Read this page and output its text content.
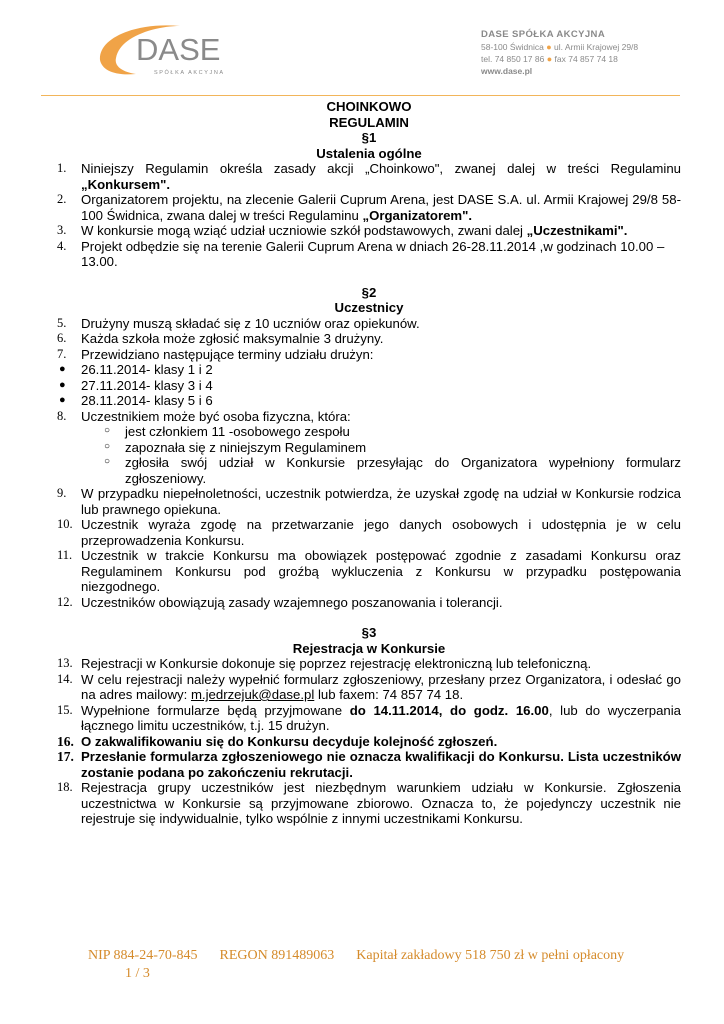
DASE
SPÓŁKA AKCYJNA
DASE SPÓŁKA AKCYJNA
58-100 Świdnica ● ul. Armii Krajowej 29/8
tel. 74 850 17 86 ● fax 74 857 74 18
www.dase.pl
CHOINKOWO
REGULAMIN
§1
Ustalenia ogólne
1.	Niniejszy Regulamin określa zasady akcji „Choinkowo", zwanej dalej w treści Regulaminu „Konkursem".
2.	Organizatorem projektu, na zlecenie Galerii Cuprum Arena, jest DASE S.A. ul. Armii Krajowej 29/8 58-100 Świdnica, zwana dalej w treści Regulaminu „Organizatorem".
3.	W konkursie mogą wziąć udział uczniowie szkół podstawowych, zwani dalej „Uczestnikami".
4.	Projekt odbędzie się na terenie Galerii Cuprum Arena w dniach 26-28.11.2014 ,w godzinach 10.00 – 13.00.
§2
Uczestnicy
5.	Drużyny muszą składać się z 10 uczniów oraz opiekunów.
6.	Każda szkoła może zgłosić maksymalnie 3 drużyny.
7.	Przewidziano następujące terminy udziału drużyn:
● 26.11.2014- klasy 1 i 2
● 27.11.2014- klasy 3 i 4
● 28.11.2014- klasy 5 i 6
8.	Uczestnikiem może być osoba fizyczna, która:
○ jest członkiem 11 -osobowego zespołu
○ zapoznała się z niniejszym Regulaminem
○ zgłosiła swój udział w Konkursie przesyłając do Organizatora wypełniony formularz zgłoszeniowy.
9.	W przypadku niepełnoletności, uczestnik potwierdza, że uzyskał zgodę na udział w Konkursie rodzica lub prawnego opiekuna.
10. Uczestnik wyraża zgodę na przetwarzanie jego danych osobowych i udostępnia je w celu przeprowadzenia Konkursu.
11. Uczestnik w trakcie Konkursu ma obowiązek postępować zgodnie z zasadami Konkursu oraz Regulaminem Konkursu pod groźbą wykluczenia z Konkursu w przypadku postępowania niezgodnego.
12. Uczestników obowiązują zasady wzajemnego poszanowania i tolerancji.
§3
Rejestracja w Konkursie
13. Rejestracji w Konkursie dokonuje się poprzez rejestrację elektroniczną lub telefoniczną.
14. W celu rejestracji należy wypełnić formularz zgłoszeniowy, przesłany przez Organizatora, i odesłać go na adres mailowy: m.jedrzejuk@dase.pl lub faxem: 74 857 74 18.
15. Wypełnione formularze będą przyjmowane do 14.11.2014, do godz. 16.00, lub do wyczerpania łącznego limitu uczestników, t.j. 15 drużyn.
16. O zakwalifikowaniu się do Konkursu decyduje kolejność zgłoszeń.
17. Przesłanie formularza zgłoszeniowego nie oznacza kwalifikacji do Konkursu. Lista uczestników zostanie podana po zakończeniu rekrutacji.
18. Rejestracja grupy uczestników jest niezbędnym warunkiem udziału w Konkursie. Zgłoszenia uczestnictwa w Konkursie są przyjmowane zbiorowo. Oznacza to, że pojedynczy uczestnik nie rejestruje się indywidualnie, tylko wspólnie z innymi uczestnikami Konkursu.
NIP 884-24-70-845 REGON 891489063 Kapitał zakładowy 518 750 zł w pełni opłacony
1 / 3
